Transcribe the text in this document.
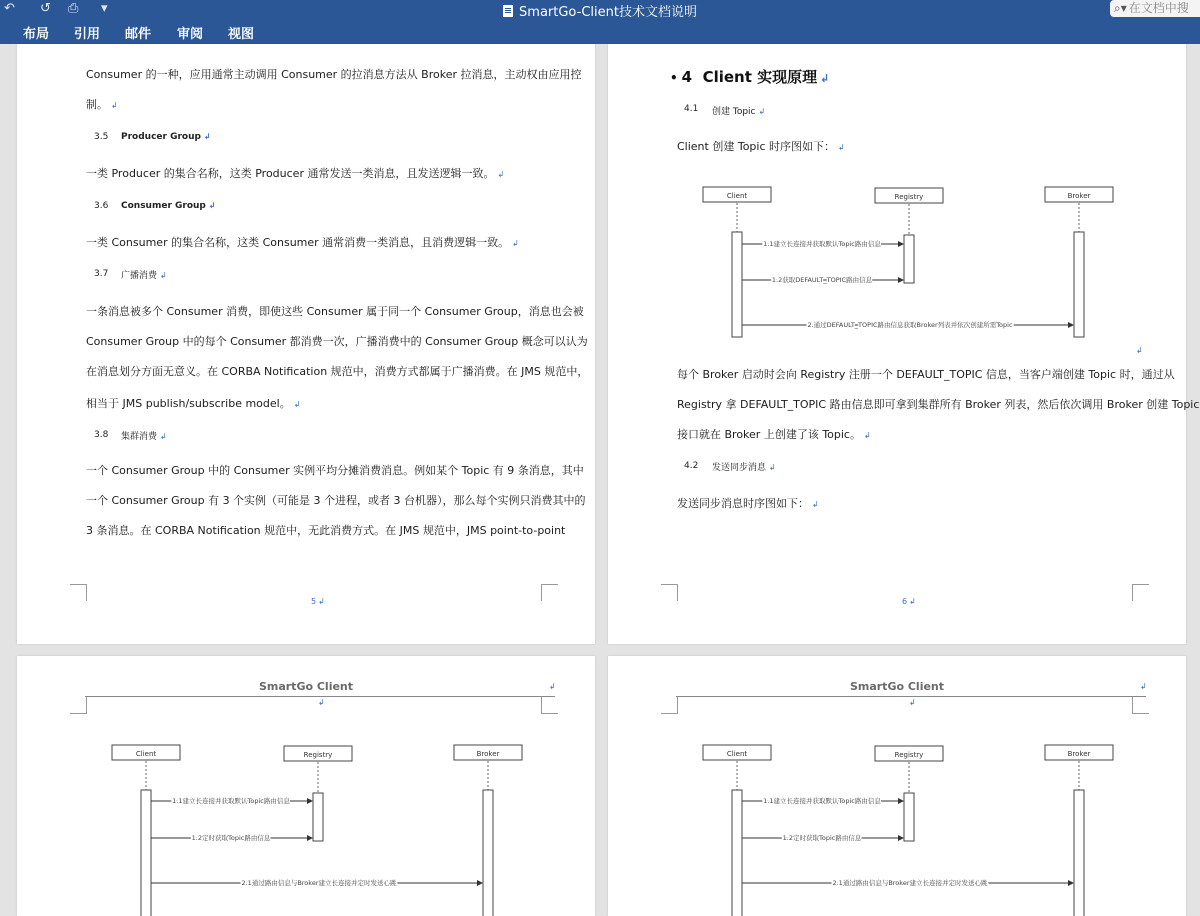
↶ ↺ ⎙ ▾	SmartGo-Client技术文档说明	⌕▾ 在文档中搜
布局 引用 邮件 审阅 视图
Consumer 的一种，应用通常主动调用 Consumer 的拉消息方法从 Broker 拉消息，主动权由应用控
制。 ↲
3.5 Producer Group ↲
一类 Producer 的集合名称，这类 Producer 通常发送一类消息，且发送逻辑一致。 ↲
3.6 Consumer Group ↲
一类 Consumer 的集合名称，这类 Consumer 通常消费一类消息，且消费逻辑一致。 ↲
3.7 广播消费 ↲
一条消息被多个 Consumer 消费，即使这些 Consumer 属于同一个 Consumer Group，消息也会被
Consumer Group 中的每个 Consumer 都消费一次，广播消费中的 Consumer Group 概念可以认为
在消息划分方面无意义。在 CORBA Notification 规范中，消费方式都属于广播消费。在 JMS 规范中，
相当于 JMS publish/subscribe model。 ↲
3.8 集群消费 ↲
一个 Consumer Group 中的 Consumer 实例平均分摊消费消息。例如某个 Topic 有 9 条消息，其中
一个 Consumer Group 有 3 个实例（可能是 3 个进程，或者 3 台机器），那么每个实例只消费其中的
3 条消息。在 CORBA Notification 规范中，无此消费方式。在 JMS 规范中，JMS point-to-point
5 ↲
• 4 Client 实现原理 ↲
4.1 创建 Topic ↲
Client 创建 Topic 时序图如下： ↲
Client	Registry	Broker
1.1建立长连接并获取默认Topic路由信息
1.2获取DEFAULT_TOPIC路由信息
2.通过DEFAULT_TOPIC路由信息获取Broker列表并依次创建所需Topic
↲
每个 Broker 启动时会向 Registry 注册一个 DEFAULT_TOPIC 信息，当客户端创建 Topic 时，通过从
Registry 拿 DEFAULT_TOPIC 路由信息即可拿到集群所有 Broker 列表，然后依次调用 Broker 创建 Topic
接口就在 Broker 上创建了该 Topic。 ↲
4.2 发送同步消息 ↲
发送同步消息时序图如下： ↲
6 ↲
SmartGo Client	↲
↲
Client	Registry	Broker
1.1建立长连接并获取默认Topic路由信息
1.2定时获取Topic路由信息
2.1通过路由信息与Broker建立长连接并定时发送心跳
SmartGo Client	↲
↲
Client	Registry	Broker
1.1建立长连接并获取默认Topic路由信息
1.2定时获取Topic路由信息
2.1通过路由信息与Broker建立长连接并定时发送心跳
